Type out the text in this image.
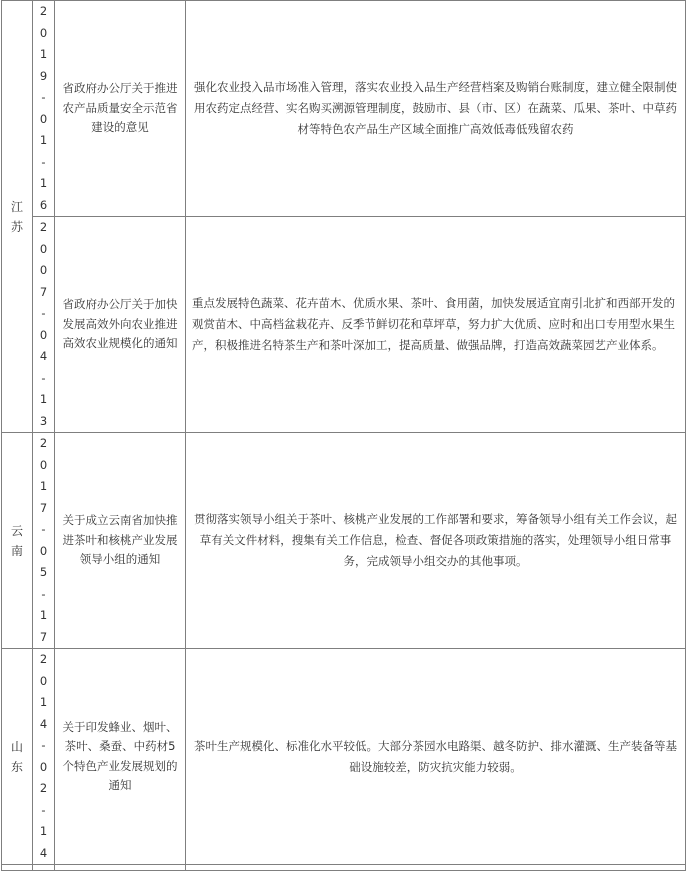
江苏	2019-01-16	省政府办公厅关于推进农产品质量安全示范省建设的意见	强化农业投入品市场准入管理，落实农业投入品生产经营档案及购销台账制度，建立健全限制使用农药定点经营、实名购买溯源管理制度，鼓励市、县（市、区）在蔬菜、瓜果、茶叶、中草药材等特色农产品生产区域全面推广高效低毒低残留农药

	2007-04-13	省政府办公厅关于加快发展高效外向农业推进高效农业规模化的通知	重点发展特色蔬菜、花卉苗木、优质水果、茶叶、食用菌，加快发展适宜南引北扩和西部开发的观赏苗木、中高档盆栽花卉、反季节鲜切花和草坪草，努力扩大优质、应时和出口专用型水果生产，积极推进名特茶生产和茶叶深加工，提高质量、做强品牌，打造高效蔬菜园艺产业体系。

云南	2017-05-17	关于成立云南省加快推进茶叶和核桃产业发展领导小组的通知	贯彻落实领导小组关于茶叶、核桃产业发展的工作部署和要求，筹备领导小组有关工作会议，起草有关文件材料，搜集有关工作信息，检查、督促各项政策措施的落实，处理领导小组日常事务，完成领导小组交办的其他事项。

山东	2014-02-14	关于印发蜂业、烟叶、茶叶、桑蚕、中药材5个特色产业发展规划的通知	茶叶生产规模化、标准化水平较低。大部分茶园水电路渠、越冬防护、排水灌溉、生产装备等基础设施较差，防灾抗灾能力较弱。
